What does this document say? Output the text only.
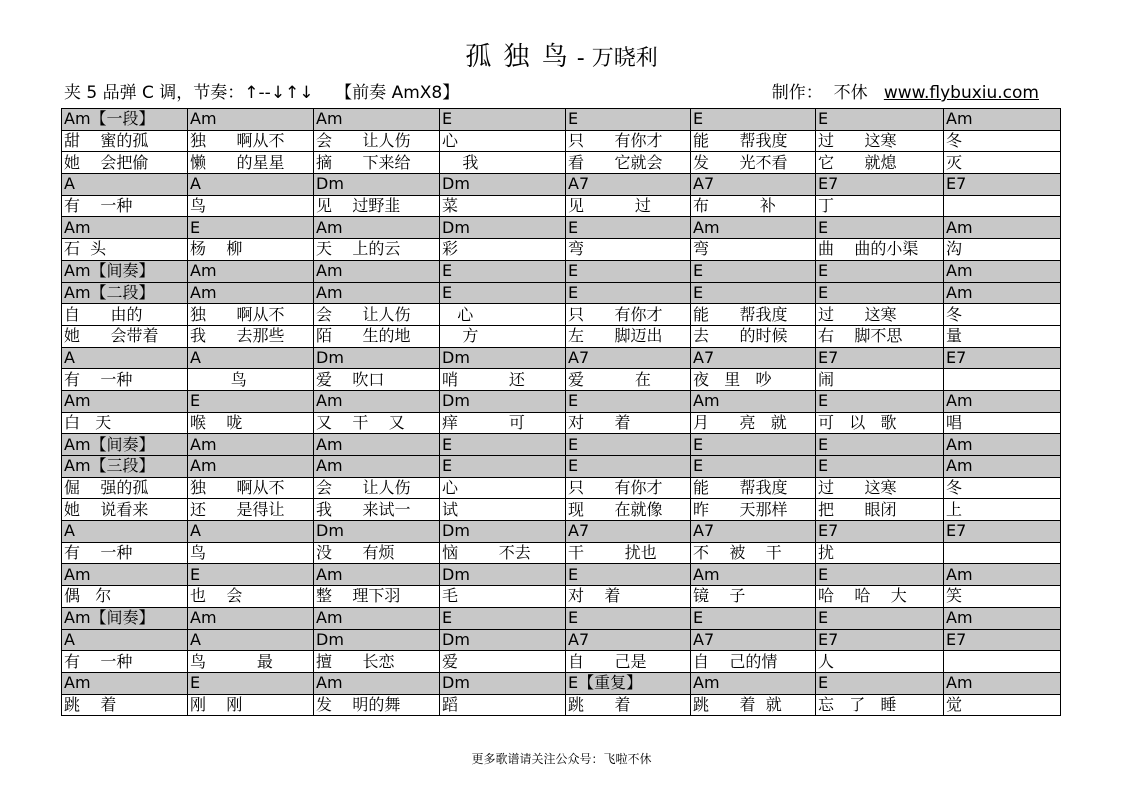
孤 独 鸟 - 万晓利
夹 5 品弹 C 调，节奏：↑--↓↑↓    【前奏 AmX8】	制作：  不休   www.flybuxiu.com
Am【一段】	Am	Am	E	E	E	E	Am
甜    蜜的孤	独      啊从不	会      让人伤	心	只      有你才	能      帮我度	过      这寒	冬
她    会把偷	懒      的星星	摘      下来给	我	看      它就会	发      光不看	它      就熄	灭
A	A	Dm	Dm	A7	A7	E7	E7
有    一种	鸟	见    过野韭	菜	见          过	布          补	丁	
Am	E	Am	Dm	E	Am	E	Am
石  头	杨    柳	天    上的云	彩	弯	弯	曲    曲的小渠	沟
Am【间奏】	Am	Am	E	E	E	E	Am
Am【二段】	Am	Am	E	E	E	E	Am
自      由的	独      啊从不	会      让人伤	心	只      有你才	能      帮我度	过      这寒	冬
她      会带着	我      去那些	陌      生的地	方	左      脚迈出	去      的时候	右    脚不思	量
A	A	Dm	Dm	A7	A7	E7	E7
有    一种	鸟	爱    吹口	哨          还	爱          在	夜   里   吵	闹	
Am	E	Am	Dm	E	Am	E	Am
白   天	喉    咙	又    干    又	痒          可	对      着	月      亮   就	可   以   歌	唱
Am【间奏】	Am	Am	E	E	E	E	Am
Am【三段】	Am	Am	E	E	E	E	Am
倔    强的孤	独      啊从不	会      让人伤	心	只      有你才	能      帮我度	过      这寒	冬
她    说看来	还      是得让	我      来试一	试	现      在就像	昨      天那样	把      眼闭	上
A	A	Dm	Dm	A7	A7	E7	E7
有    一种	鸟	没      有烦	恼        不去	干        扰也	不    被    干	扰	
Am	E	Am	Dm	E	Am	E	Am
偶   尔	也    会	整    理下羽	毛	对    着	镜    子	哈    哈    大	笑
Am【间奏】	Am	Am	E	E	E	E	Am
A	A	Dm	Dm	A7	A7	E7	E7
有    一种	鸟          最	擅      长恋	爱	自      己是	自    己的情	人	
Am	E	Am	Dm	E【重复】	Am	E	Am
跳    着	刚    刚	发    明的舞	蹈	跳      着	跳      着  就	忘   了   睡	觉
更多歌谱请关注公众号：飞啦不休
